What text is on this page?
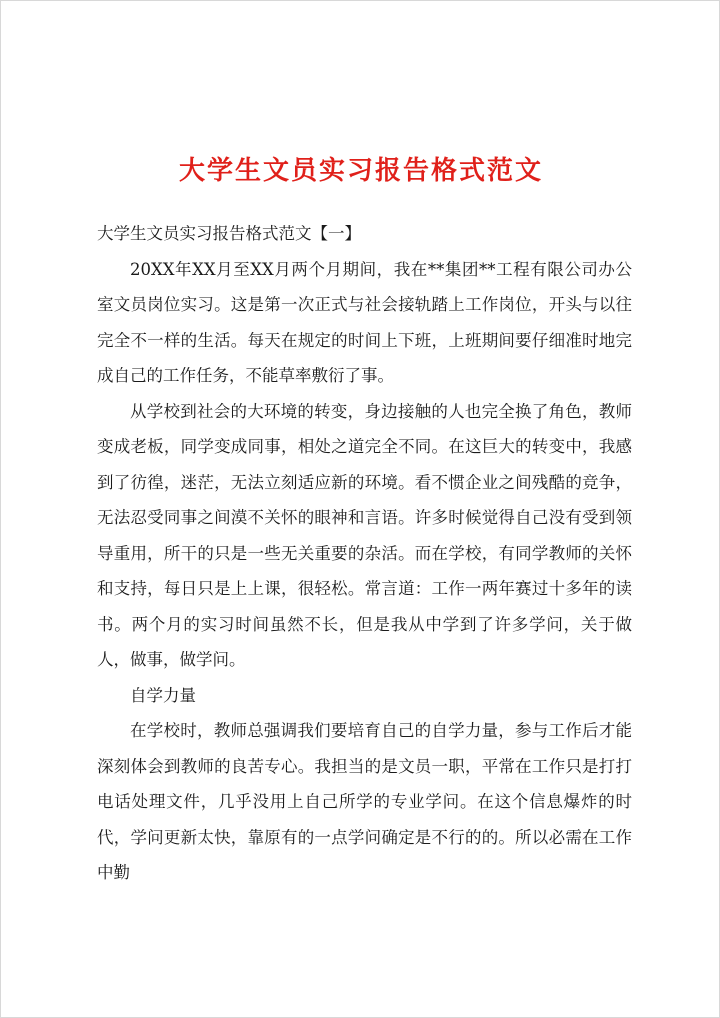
大学生文员实习报告格式范文

大学生文员实习报告格式范文【一】

20XX年XX月至XX月两个月期间，我在**集团**工程有限公司办公室文员岗位实习。这是第一次正式与社会接轨踏上工作岗位，开头与以往完全不一样的生活。每天在规定的时间上下班，上班期间要仔细准时地完成自己的工作任务，不能草率敷衍了事。

从学校到社会的大环境的转变，身边接触的人也完全换了角色，教师变成老板，同学变成同事，相处之道完全不同。在这巨大的转变中，我感到了彷徨，迷茫，无法立刻适应新的环境。看不惯企业之间残酷的竞争，无法忍受同事之间漠不关怀的眼神和言语。许多时候觉得自己没有受到领导重用，所干的只是一些无关重要的杂活。而在学校，有同学教师的关怀和支持，每日只是上上课，很轻松。常言道：工作一两年赛过十多年的读书。两个月的实习时间虽然不长，但是我从中学到了许多学问，关于做人，做事，做学问。

自学力量

在学校时，教师总强调我们要培育自己的自学力量，参与工作后才能深刻体会到教师的良苦专心。我担当的是文员一职，平常在工作只是打打电话处理文件，几乎没用上自己所学的专业学问。在这个信息爆炸的时代，学问更新太快，靠原有的一点学问确定是不行的的。所以必需在工作中勤
